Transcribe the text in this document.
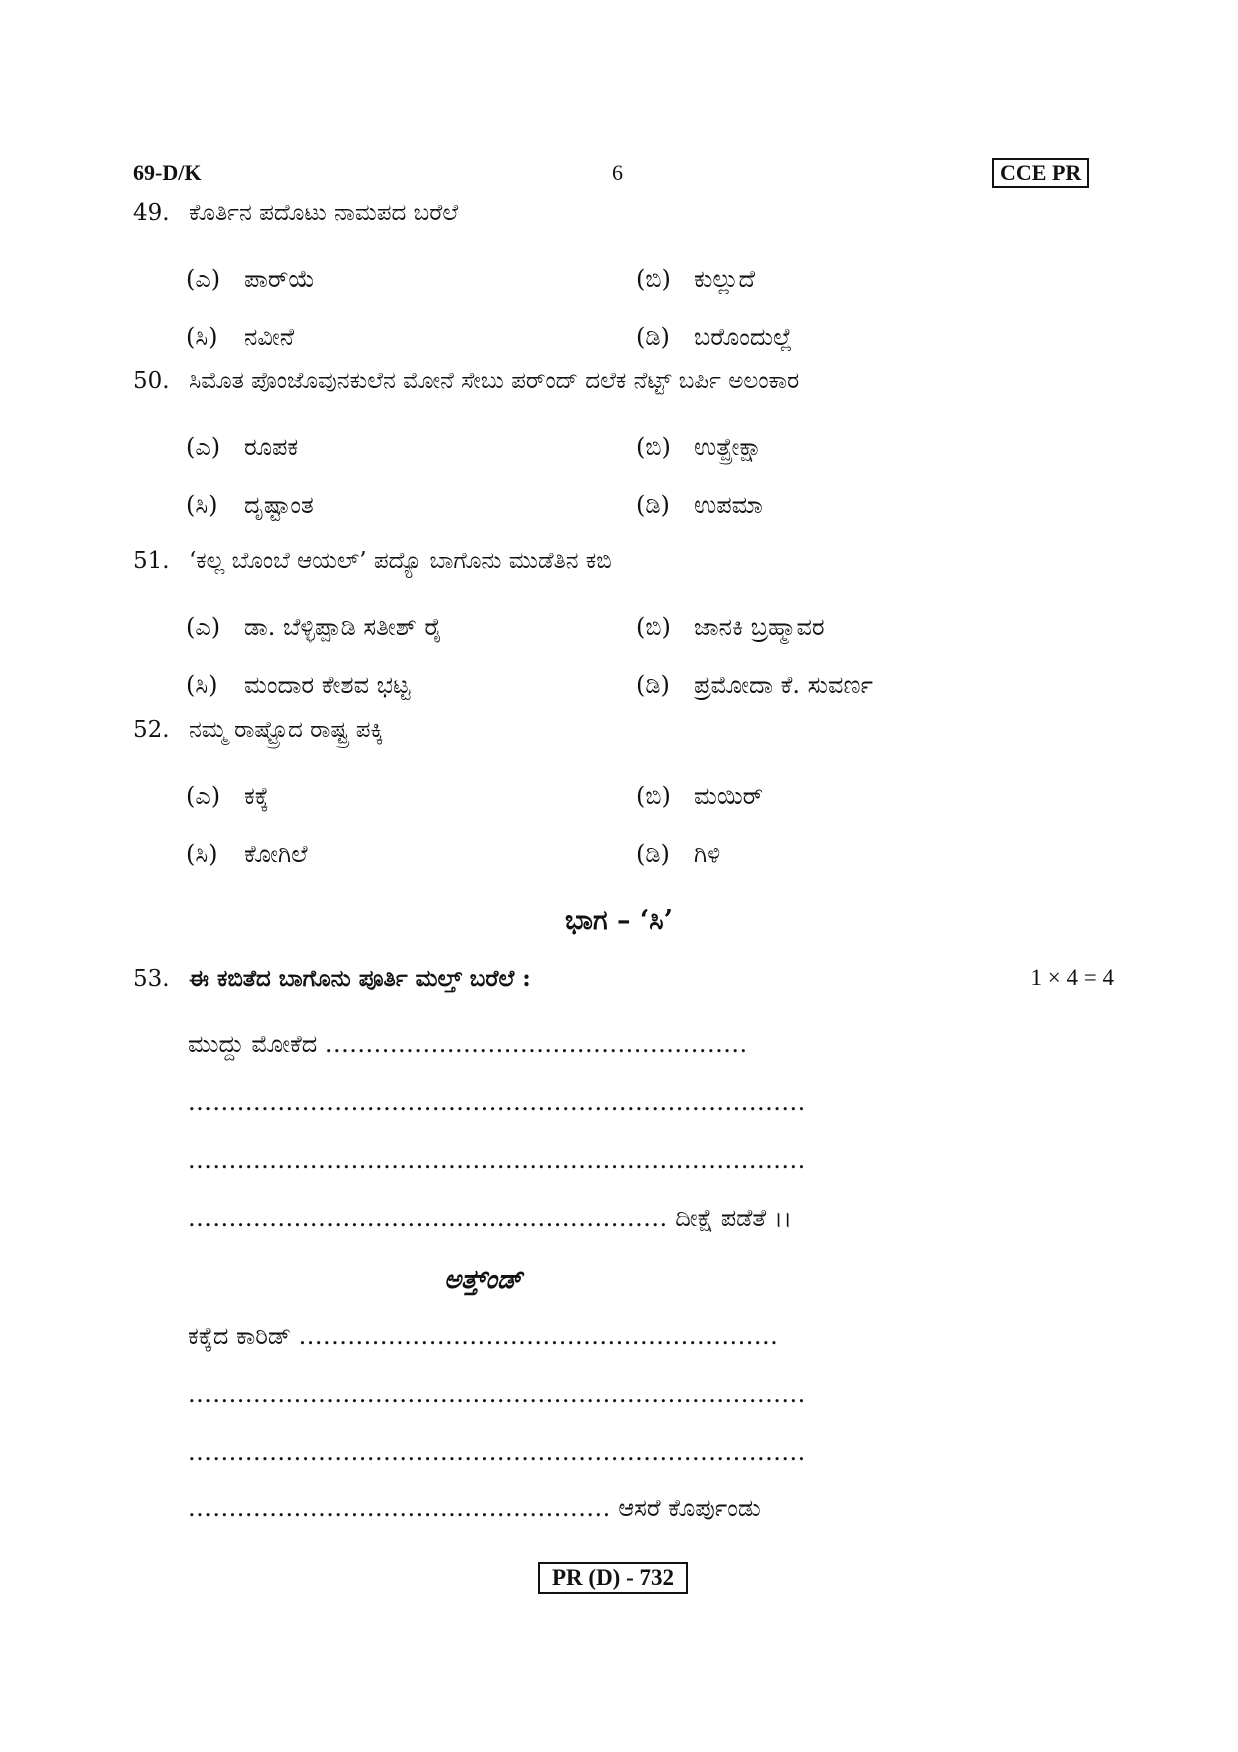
69-D/K	6	CCE PR
49. ಕೊರ್ತಿನ ಪದೊಟು ನಾಮಪದ ಬರೆಲೆ
(ಎ) ಪಾರ್‌ಯೆ	(ಬಿ) ಕುಲ್ಲುದೆ
(ಸಿ) ನವೀನೆ	(ಡಿ) ಬರೊಂದುಲ್ಲೆ
50. ಸಿಮೊತ ಪೊಂಜೊವುನಕುಲೆನ ಮೋನೆ ಸೇಬು ಪರ್‌ಂದ್ ದಲೆಕ ನೆಟ್ಟ್ ಬರ್ಪಿ ಅಲಂಕಾರ
(ಎ) ರೂಪಕ	(ಬಿ) ಉತ್ಪ್ರೇಕ್ಷಾ
(ಸಿ) ದೃಷ್ಟಾಂತ	(ಡಿ) ಉಪಮಾ
51. ‘ಕಲ್ಲ ಬೊಂಬೆ ಆಯಲ್’ ಪದ್ಯೊ ಬಾಗೊನು ಮುಡೆತಿನ ಕಬಿ
(ಎ) ಡಾ. ಬೆಳ್ಳಿಪ್ಪಾಡಿ ಸತೀಶ್ ರೈ	(ಬಿ) ಜಾನಕಿ ಬ್ರಹ್ಮಾವರ
(ಸಿ) ಮಂದಾರ ಕೇಶವ ಭಟ್ಟ	(ಡಿ) ಪ್ರಮೋದಾ ಕೆ. ಸುವರ್ಣ
52. ನಮ್ಮ ರಾಷ್ಟ್ರೊದ ರಾಷ್ಟ್ರ ಪಕ್ಕಿ
(ಎ) ಕಕ್ಕೆ	(ಬಿ) ಮಯಿರ್
(ಸಿ) ಕೋಗಿಲೆ	(ಡಿ) ಗಿಳಿ
ಭಾಗ – ‘ಸಿ’
53. ಈ ಕಬಿತೆದ ಬಾಗೊನು ಪೂರ್ತಿ ಮಲ್ತ್ ಬರೆಲೆ :	1 × 4 = 4
ಮುದ್ದು ಮೋಕೆದ ....................................................
............................................................................
............................................................................
........................................................... ದೀಕ್ಷೆ ಪಡೆತೆ ।।
ಅತ್ತ್‌ಂಡ್
ಕಕ್ಕೆದ ಕಾರಿಡ್ ...........................................................
............................................................................
............................................................................
.................................................... ಆಸರೆ ಕೊರ್ಪುಂಡು
PR (D) - 732
